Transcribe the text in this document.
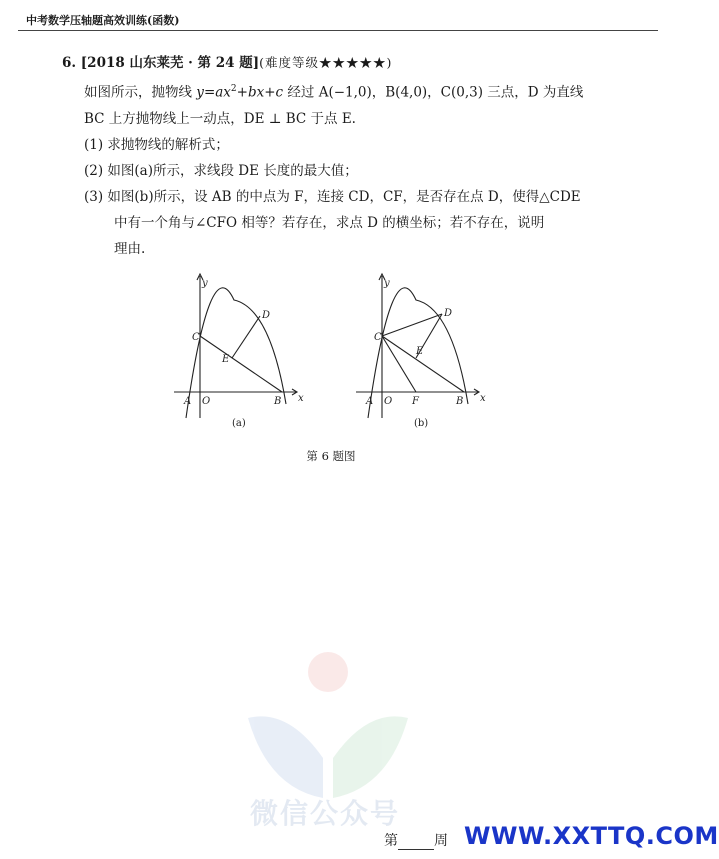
中考数学压轴题高效训练(函数)
6. [2018 山东莱芜 · 第 24 题](难度等级★★★★★)
如图所示，抛物线 $y=ax^2+bx+c$ 经过 A(−1,0)，B(4,0)，C(0,3) 三点，D 为直线
BC 上方抛物线上一动点，DE ⊥ BC 于点 E.
(1) 求抛物线的解析式；
(2) 如图(a)所示，求线段 DE 长度的最大值；
(3) 如图(b)所示，设 AB 的中点为 F，连接 CD，CF，是否存在点 D，使得△CDE
中有一个角与∠CFO 相等？若存在，求点 D 的横坐标；若不存在，说明
理由.
y
x
C
D
E
A O	B
(a)
y
x
C
D
E
A O F	B
(b)
第 6 题图
微信公众号
第	周 WWW.XXTTQ.COM
